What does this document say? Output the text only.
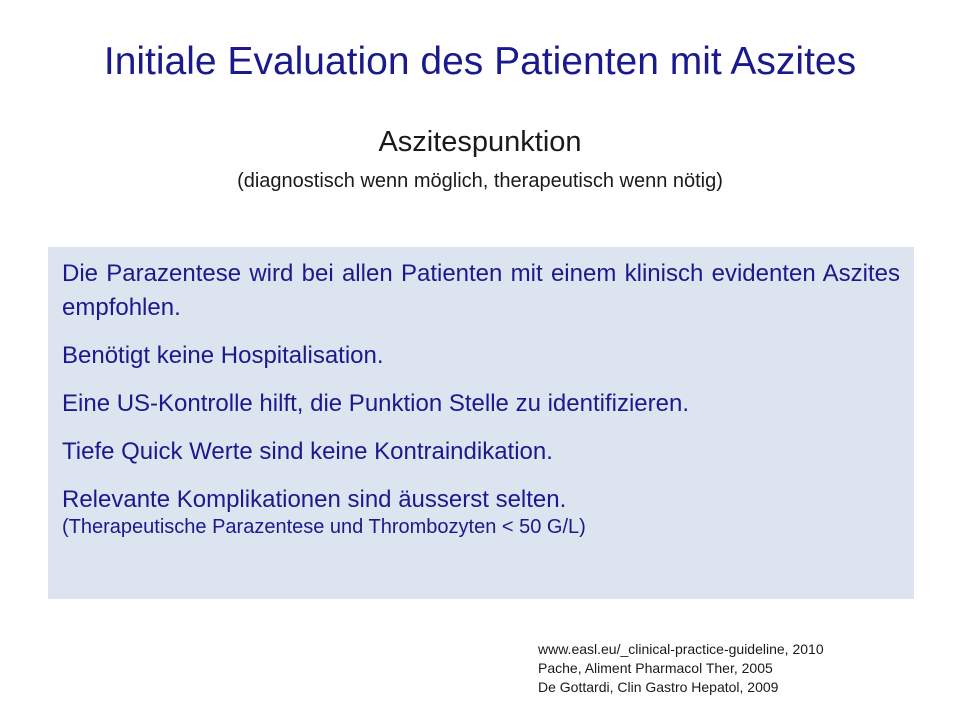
Initiale Evaluation des Patienten mit Aszites
Aszitespunktion
(diagnostisch wenn möglich, therapeutisch wenn nötig)

Die Parazentese wird bei allen Patienten mit einem klinisch evidenten Aszites empfohlen.

Benötigt keine Hospitalisation.

Eine US-Kontrolle hilft, die Punktion Stelle zu identifizieren.

Tiefe Quick Werte sind keine Kontraindikation.

Relevante Komplikationen sind äusserst selten.

(Therapeutische Parazentese und Thrombozyten < 50 G/L)
www.easl.eu/_clinical-practice-guideline, 2010
Pache, Aliment Pharmacol Ther, 2005
De Gottardi, Clin Gastro Hepatol, 2009
